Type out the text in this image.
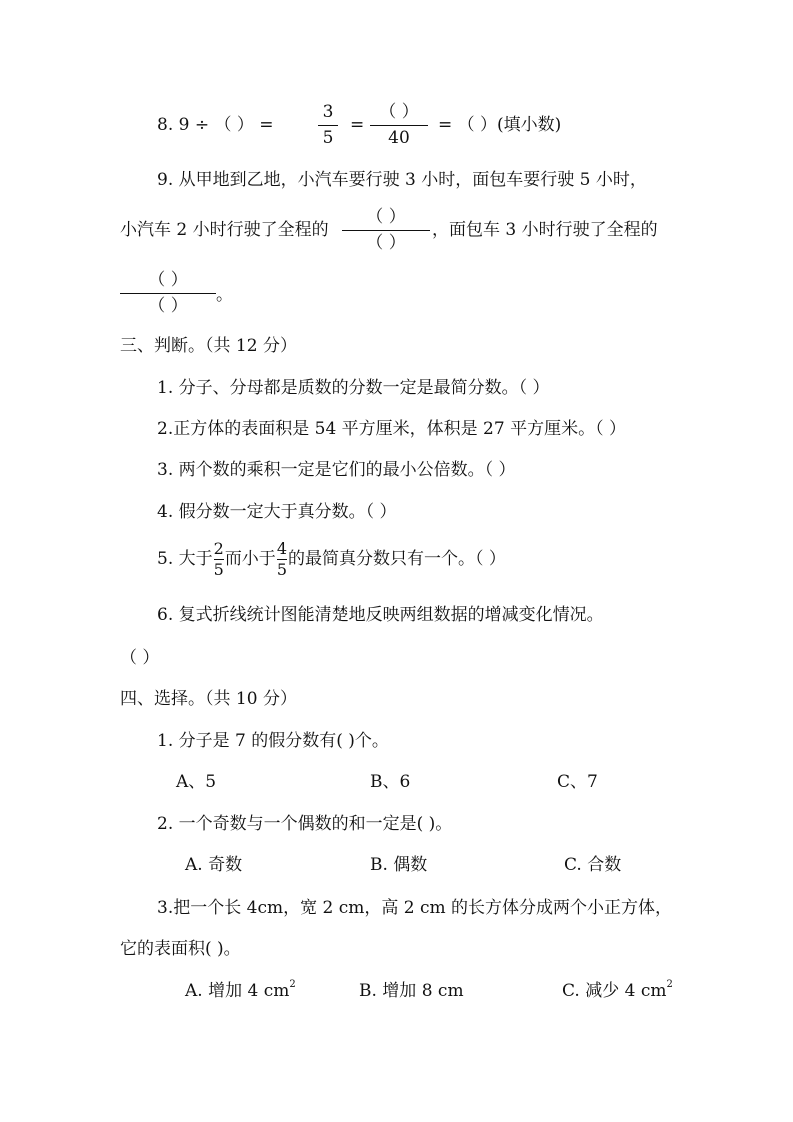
8. 9 ÷ （ ） =
3
5
=
（ ）
40
= （ ）(填小数)
9. 从甲地到乙地，小汽车要行驶 3 小时，面包车要行驶 5 小时，
小汽车 2 小时行驶了全程的
（ ）
（ ）
，面包车 3 小时行驶了全程的
（ ）
（ ）
。
三、判断。（共 12 分）
1. 分子、分母都是质数的分数一定是最简分数。（ ）
2.正方体的表面积是 54 平方厘米，体积是 27 平方厘米。（ ）
3. 两个数的乘积一定是它们的最小公倍数。（ ）
4. 假分数一定大于真分数。（ ）
5. 大于$\frac{2}{5}$而小于$\frac{4}{5}$的最简真分数只有一个。（ ）
6. 复式折线统计图能清楚地反映两组数据的增减变化情况。
（ ）
四、选择。（共 10 分）
1. 分子是 7 的假分数有( )个。
A、5	B、6	C、7
2. 一个奇数与一个偶数的和一定是( )。
A. 奇数	B. 偶数	C. 合数
3.把一个长 4cm，宽 2 cm，高 2 cm 的长方体分成两个小正方体，
它的表面积( )。
A. 增加 4 $cm^2$	B. 增加 8 cm	C. 减少 4 $cm^2$
